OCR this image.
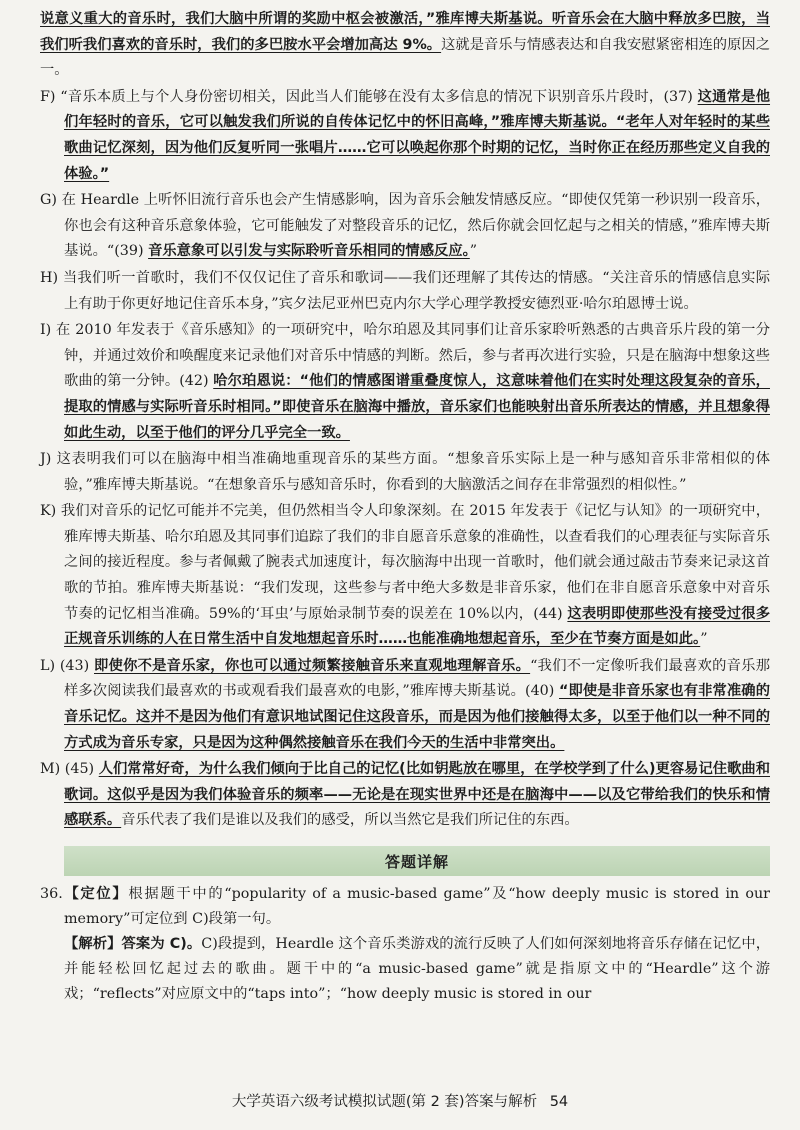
说意义重大的音乐时，我们大脑中所谓的奖励中枢会被激活，”雅库博夫斯基说。听音乐会在大脑中释放多巴胺，当我们听我们喜欢的音乐时，我们的多巴胺水平会增加高达 9%。这就是音乐与情感表达和自我安慰紧密相连的原因之一。

F) “音乐本质上与个人身份密切相关，因此当人们能够在没有太多信息的情况下识别音乐片段时，(37) 这通常是他们年轻时的音乐，它可以触发我们所说的自传体记忆中的怀旧高峰，”雅库博夫斯基说。“老年人对年轻时的某些歌曲记忆深刻，因为他们反复听同一张唱片……它可以唤起你那个时期的记忆，当时你正在经历那些定义自我的体验。”

G) 在 Heardle 上听怀旧流行音乐也会产生情感影响，因为音乐会触发情感反应。“即使仅凭第一秒识别一段音乐，你也会有这种音乐意象体验，它可能触发了对整段音乐的记忆，然后你就会回忆起与之相关的情感，”雅库博夫斯基说。“(39) 音乐意象可以引发与实际聆听音乐相同的情感反应。”

H) 当我们听一首歌时，我们不仅仅记住了音乐和歌词——我们还理解了其传达的情感。“关注音乐的情感信息实际上有助于你更好地记住音乐本身，”宾夕法尼亚州巴克内尔大学心理学教授安德烈亚·哈尔珀恩博士说。

I) 在 2010 年发表于《音乐感知》的一项研究中，哈尔珀恩及其同事们让音乐家聆听熟悉的古典音乐片段的第一分钟，并通过效价和唤醒度来记录他们对音乐中情感的判断。然后，参与者再次进行实验，只是在脑海中想象这些歌曲的第一分钟。(42) 哈尔珀恩说：“他们的情感图谱重叠度惊人，这意味着他们在实时处理这段复杂的音乐，提取的情感与实际听音乐时相同。”即使音乐在脑海中播放，音乐家们也能映射出音乐所表达的情感，并且想象得如此生动，以至于他们的评分几乎完全一致。

J) 这表明我们可以在脑海中相当准确地重现音乐的某些方面。“想象音乐实际上是一种与感知音乐非常相似的体验，”雅库博夫斯基说。“在想象音乐与感知音乐时，你看到的大脑激活之间存在非常强烈的相似性。”

K) 我们对音乐的记忆可能并不完美，但仍然相当令人印象深刻。在 2015 年发表于《记忆与认知》的一项研究中，雅库博夫斯基、哈尔珀恩及其同事们追踪了我们的非自愿音乐意象的准确性，以查看我们的心理表征与实际音乐之间的接近程度。参与者佩戴了腕表式加速度计，每次脑海中出现一首歌时，他们就会通过敲击节奏来记录这首歌的节拍。雅库博夫斯基说：“我们发现，这些参与者中绝大多数是非音乐家，他们在非自愿音乐意象中对音乐节奏的记忆相当准确。59%的‘耳虫’与原始录制节奏的误差在 10%以内，(44) 这表明即使那些没有接受过很多正规音乐训练的人在日常生活中自发地想起音乐时……也能准确地想起音乐，至少在节奏方面是如此。”

L) (43) 即使你不是音乐家，你也可以通过频繁接触音乐来直观地理解音乐。“我们不一定像听我们最喜欢的音乐那样多次阅读我们最喜欢的书或观看我们最喜欢的电影，”雅库博夫斯基说。(40) “即使是非音乐家也有非常准确的音乐记忆。这并不是因为他们有意识地试图记住这段音乐，而是因为他们接触得太多，以至于他们以一种不同的方式成为音乐专家，只是因为这种偶然接触音乐在我们今天的生活中非常突出。

M) (45) 人们常常好奇，为什么我们倾向于比自己的记忆(比如钥匙放在哪里，在学校学到了什么)更容易记住歌曲和歌词。这似乎是因为我们体验音乐的频率——无论是在现实世界中还是在脑海中——以及它带给我们的快乐和情感联系。音乐代表了我们是谁以及我们的感受，所以当然它是我们所记住的东西。

答题详解

36.【定位】根据题干中的“popularity of a music-based game”及“how deeply music is stored in our memory”可定位到 C)段第一句。

【解析】答案为 C)。C)段提到，Heardle 这个音乐类游戏的流行反映了人们如何深刻地将音乐存储在记忆中，并能轻松回忆起过去的歌曲。题干中的“a music-based game”就是指原文中的“Heardle”这个游戏；“reflects”对应原文中的“taps into”；“how deeply music is stored in our

大学英语六级考试模拟试题(第 2 套)答案与解析 54
